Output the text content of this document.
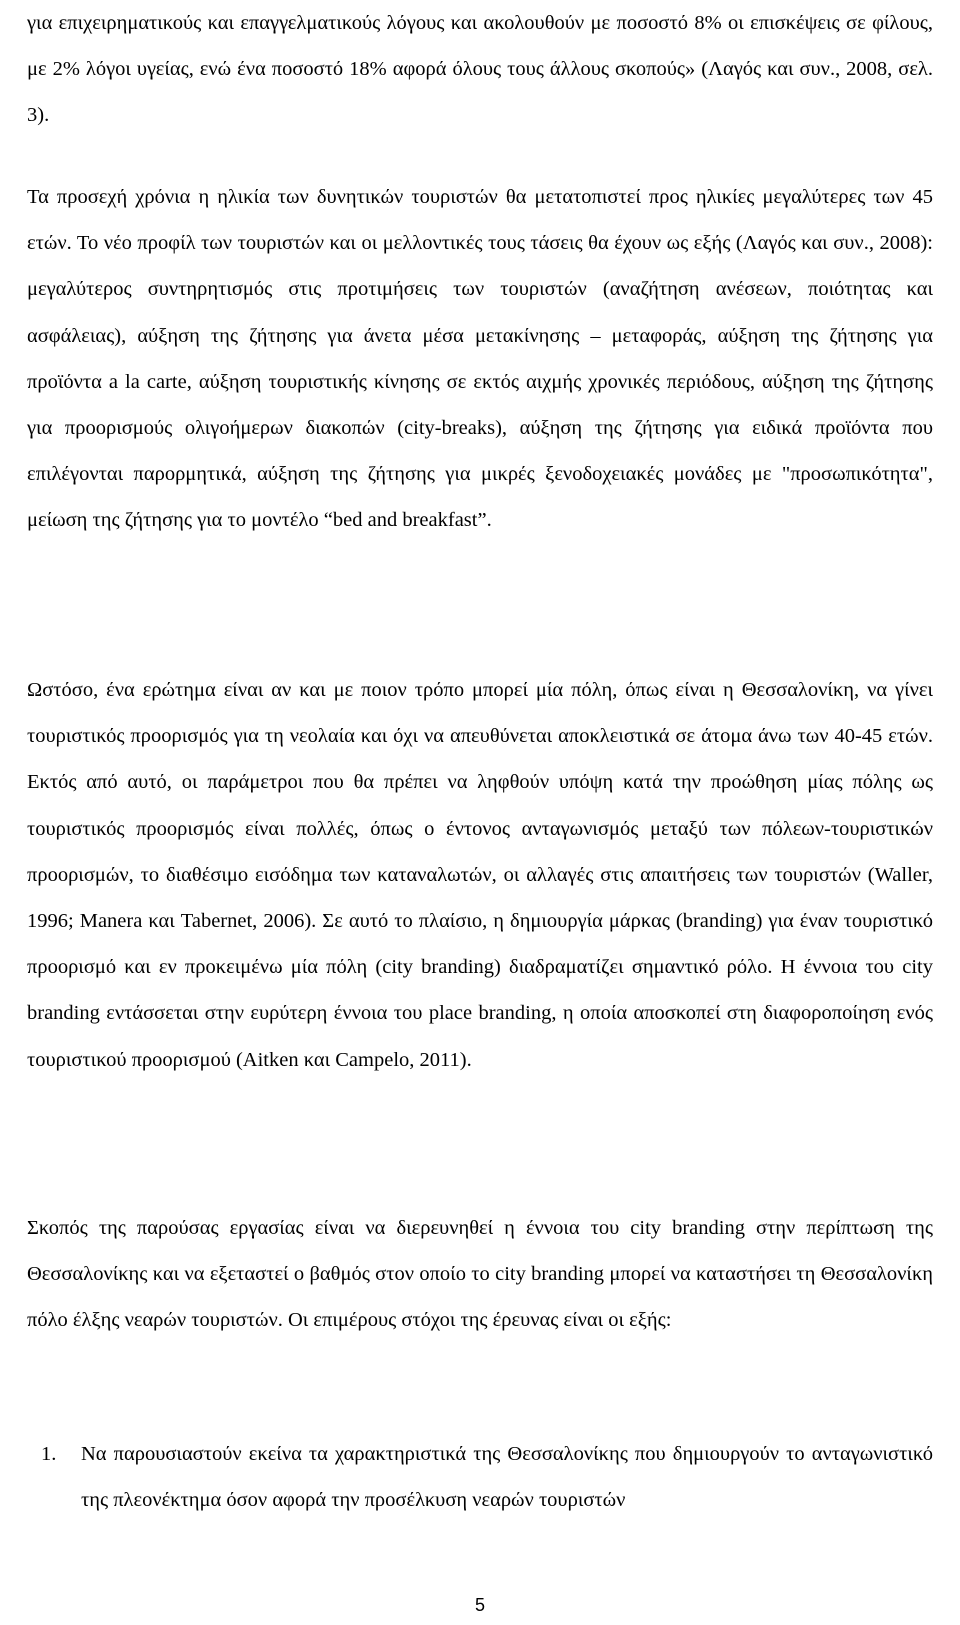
για επιχειρηματικούς και επαγγελματικούς λόγους και ακολουθούν με ποσοστό 8% οι επισκέψεις σε φίλους, με 2% λόγοι υγείας, ενώ ένα ποσοστό 18% αφορά όλους τους άλλους σκοπούς» (Λαγός και συν., 2008, σελ. 3).

Τα προσεχή χρόνια η ηλικία των δυνητικών τουριστών θα μετατοπιστεί προς ηλικίες μεγαλύτερες των 45 ετών. Το νέο προφίλ των τουριστών και οι μελλοντικές τους τάσεις θα έχουν ως εξής (Λαγός και συν., 2008): μεγαλύτερος συντηρητισμός στις προτιμήσεις των τουριστών (αναζήτηση ανέσεων, ποιότητας και ασφάλειας), αύξηση της ζήτησης για άνετα μέσα μετακίνησης – μεταφοράς, αύξηση της ζήτησης για προϊόντα a la carte, αύξηση τουριστικής κίνησης σε εκτός αιχμής χρονικές περιόδους, αύξηση της ζήτησης για προορισμούς ολιγοήμερων διακοπών (city-breaks), αύξηση της ζήτησης για ειδικά προϊόντα που επιλέγονται παρορμητικά, αύξηση της ζήτησης για μικρές ξενοδοχειακές μονάδες με "προσωπικότητα", μείωση της ζήτησης για το μοντέλο “bed and breakfast”.

Ωστόσο, ένα ερώτημα είναι αν και με ποιον τρόπο μπορεί μία πόλη, όπως είναι η Θεσσαλονίκη, να γίνει τουριστικός προορισμός για τη νεολαία και όχι να απευθύνεται αποκλειστικά σε άτομα άνω των 40-45 ετών. Εκτός από αυτό, οι παράμετροι που θα πρέπει να ληφθούν υπόψη κατά την προώθηση μίας πόλης ως τουριστικός προορισμός είναι πολλές, όπως ο έντονος ανταγωνισμός μεταξύ των πόλεων-τουριστικών προορισμών, το διαθέσιμο εισόδημα των καταναλωτών, οι αλλαγές στις απαιτήσεις των τουριστών (Waller, 1996; Manera και Tabernet, 2006). Σε αυτό το πλαίσιο, η δημιουργία μάρκας (branding) για έναν τουριστικό προορισμό και εν προκειμένω μία πόλη (city branding) διαδραματίζει σημαντικό ρόλο. Η έννοια του city branding εντάσσεται στην ευρύτερη έννοια του place branding, η οποία αποσκοπεί στη διαφοροποίηση ενός τουριστικού προορισμού (Aitken και Campelo, 2011).

Σκοπός της παρούσας εργασίας είναι να διερευνηθεί η έννοια του city branding στην περίπτωση της Θεσσαλονίκης και να εξεταστεί ο βαθμός στον οποίο το city branding μπορεί να καταστήσει τη Θεσσαλονίκη πόλο έλξης νεαρών τουριστών. Οι επιμέρους στόχοι της έρευνας είναι οι εξής:

1.	Να παρουσιαστούν εκείνα τα χαρακτηριστικά της Θεσσαλονίκης που δημιουργούν το ανταγωνιστικό της πλεονέκτημα όσον αφορά την προσέλκυση νεαρών τουριστών
5
